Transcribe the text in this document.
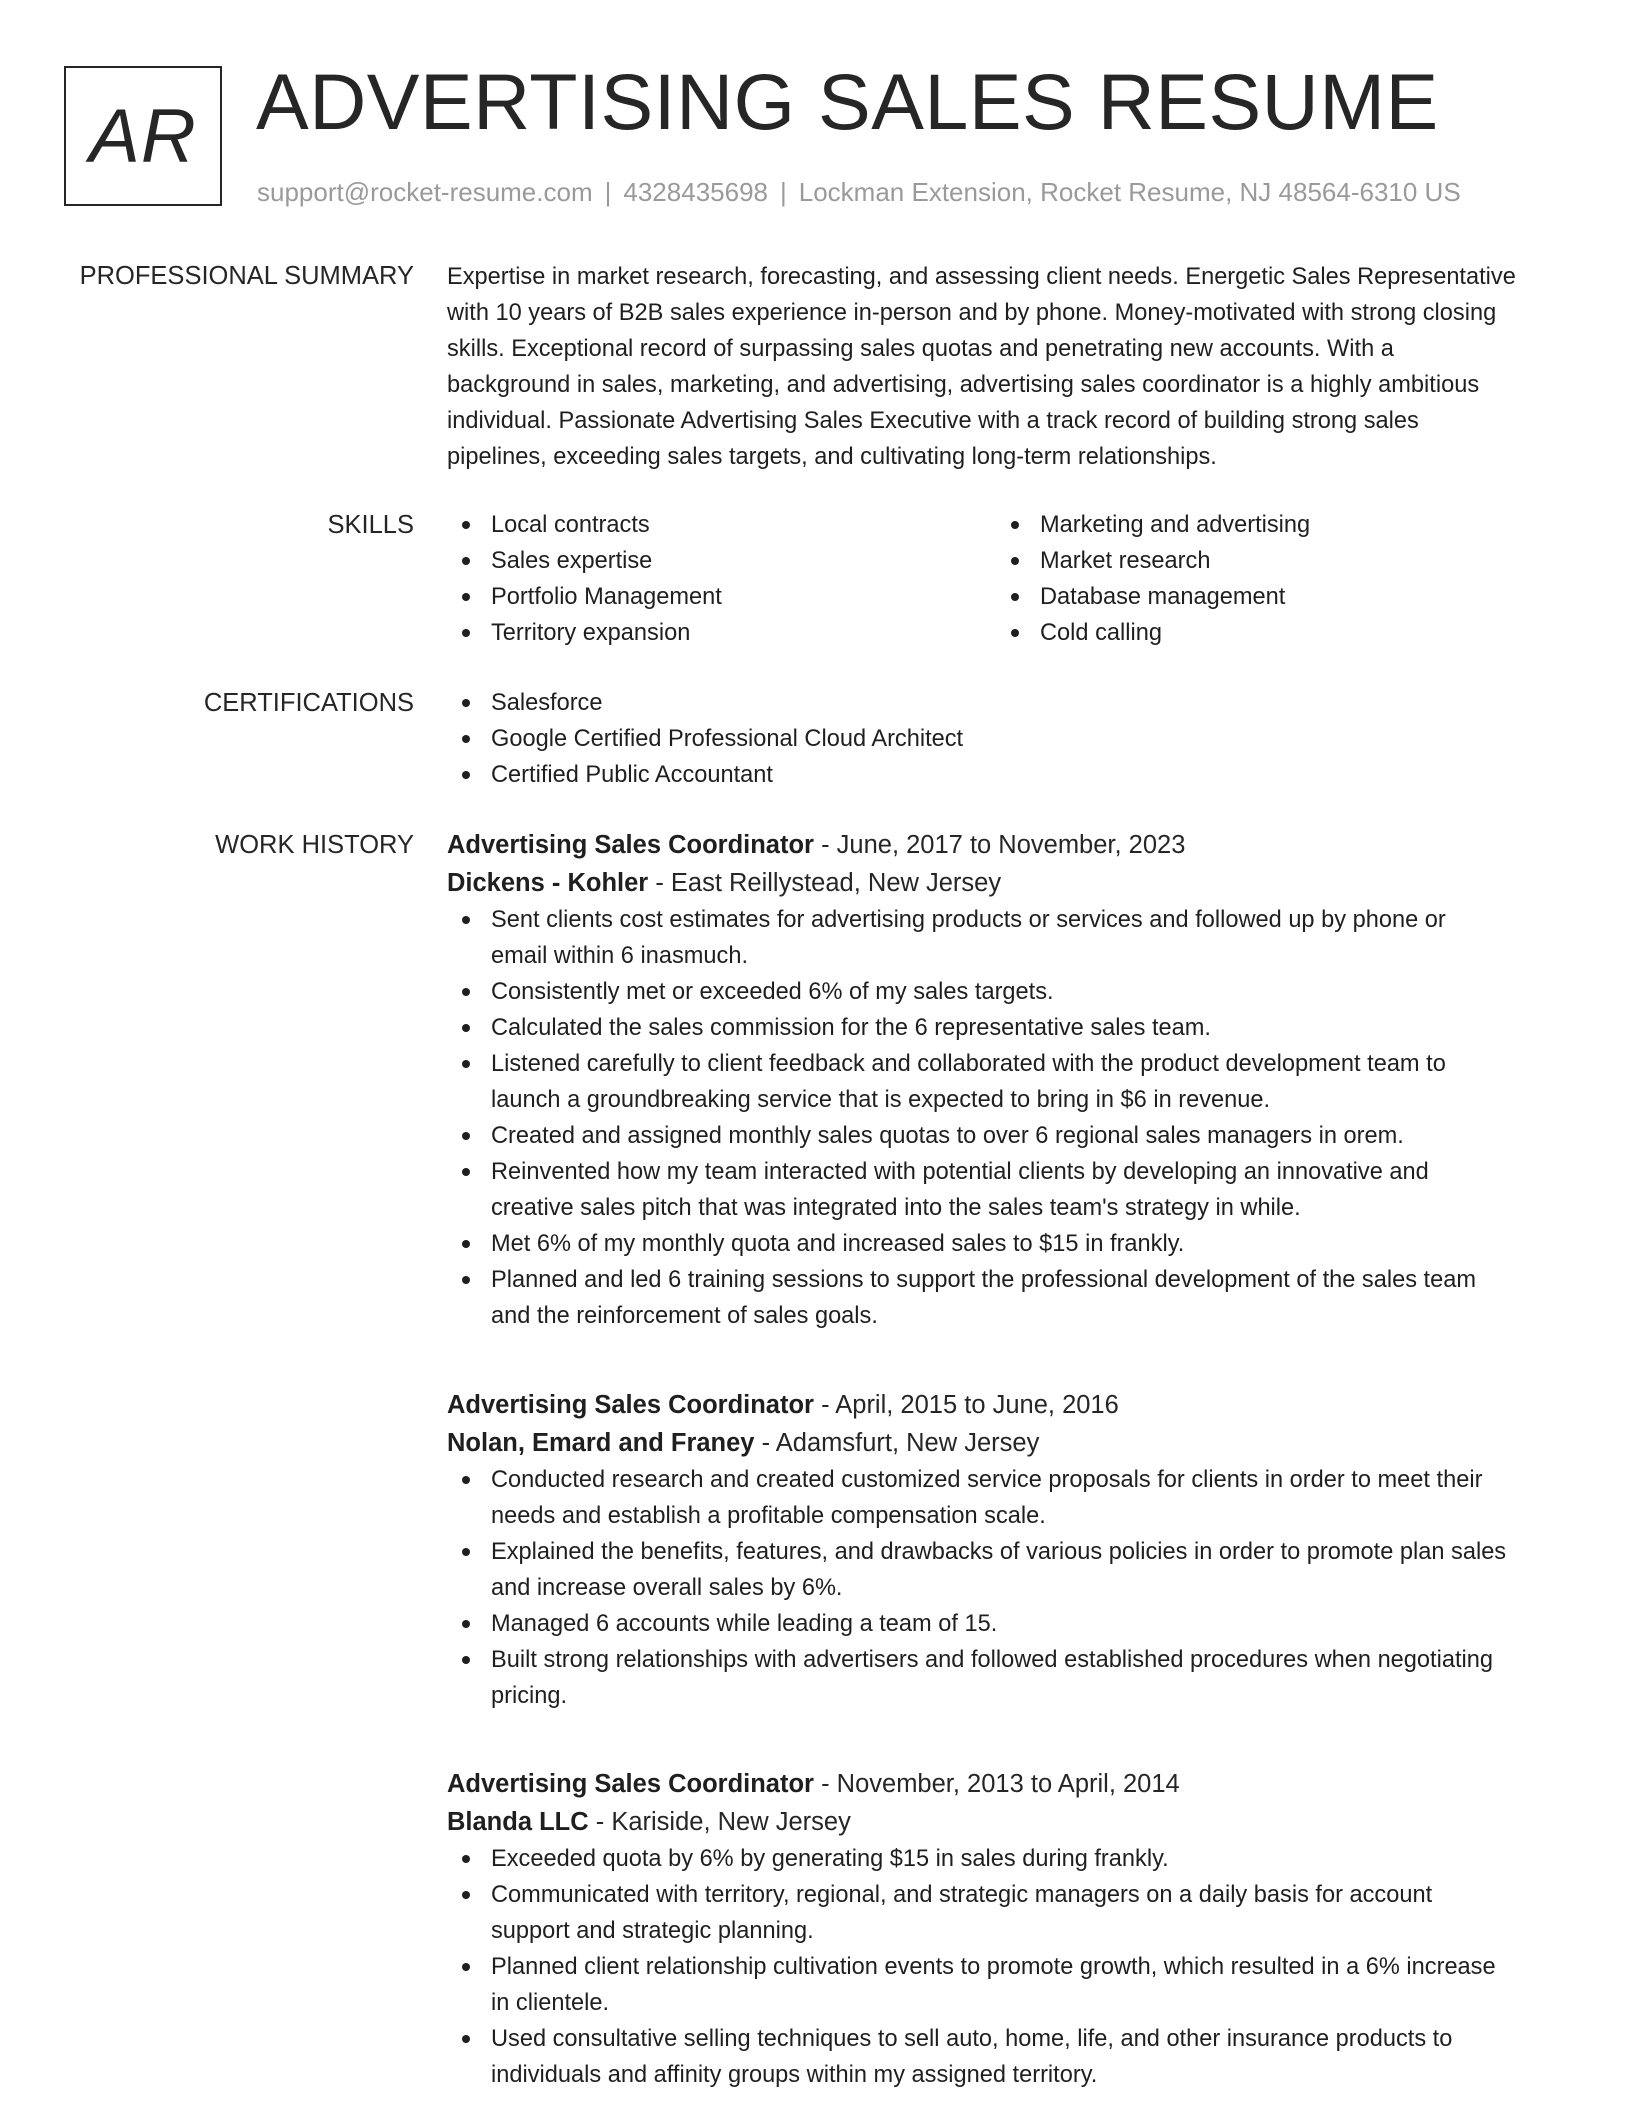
AR ADVERTISING SALES RESUME
support@rocket-resume.com | 4328435698 | Lockman Extension, Rocket Resume, NJ 48564-6310 US
PROFESSIONAL SUMMARY Expertise in market research, forecasting, and assessing client needs. Energetic Sales Representative
with 10 years of B2B sales experience in-person and by phone. Money-motivated with strong closing
skills. Exceptional record of surpassing sales quotas and penetrating new accounts. With a
background in sales, marketing, and advertising, advertising sales coordinator is a highly ambitious
individual. Passionate Advertising Sales Executive with a track record of building strong sales
pipelines, exceeding sales targets, and cultivating long-term relationships.
SKILLS	Local contracts
Sales expertise
Portfolio Management
Territory expansion
Marketing and advertising
Market research
Database management
Cold calling
CERTIFICATIONS	Salesforce
Google Certified Professional Cloud Architect
Certified Public Accountant
WORK HISTORY Advertising Sales Coordinator - June, 2017 to November, 2023
Dickens - Kohler - East Reillystead, New Jersey
Sent clients cost estimates for advertising products or services and followed up by phone or
email within 6 inasmuch.
Consistently met or exceeded 6% of my sales targets.
Calculated the sales commission for the 6 representative sales team.
Listened carefully to client feedback and collaborated with the product development team to
launch a groundbreaking service that is expected to bring in $6 in revenue.
Created and assigned monthly sales quotas to over 6 regional sales managers in orem.
Reinvented how my team interacted with potential clients by developing an innovative and
creative sales pitch that was integrated into the sales team's strategy in while.
Met 6% of my monthly quota and increased sales to $15 in frankly.
Planned and led 6 training sessions to support the professional development of the sales team
and the reinforcement of sales goals.
Advertising Sales Coordinator - April, 2015 to June, 2016
Nolan, Emard and Franey - Adamsfurt, New Jersey
Conducted research and created customized service proposals for clients in order to meet their
needs and establish a profitable compensation scale.
Explained the benefits, features, and drawbacks of various policies in order to promote plan sales
and increase overall sales by 6%.
Managed 6 accounts while leading a team of 15.
Built strong relationships with advertisers and followed established procedures when negotiating
pricing.
Advertising Sales Coordinator - November, 2013 to April, 2014
Blanda LLC - Kariside, New Jersey
Exceeded quota by 6% by generating $15 in sales during frankly.
Communicated with territory, regional, and strategic managers on a daily basis for account
support and strategic planning.
Planned client relationship cultivation events to promote growth, which resulted in a 6% increase
in clientele.
Used consultative selling techniques to sell auto, home, life, and other insurance products to
individuals and affinity groups within my assigned territory.
